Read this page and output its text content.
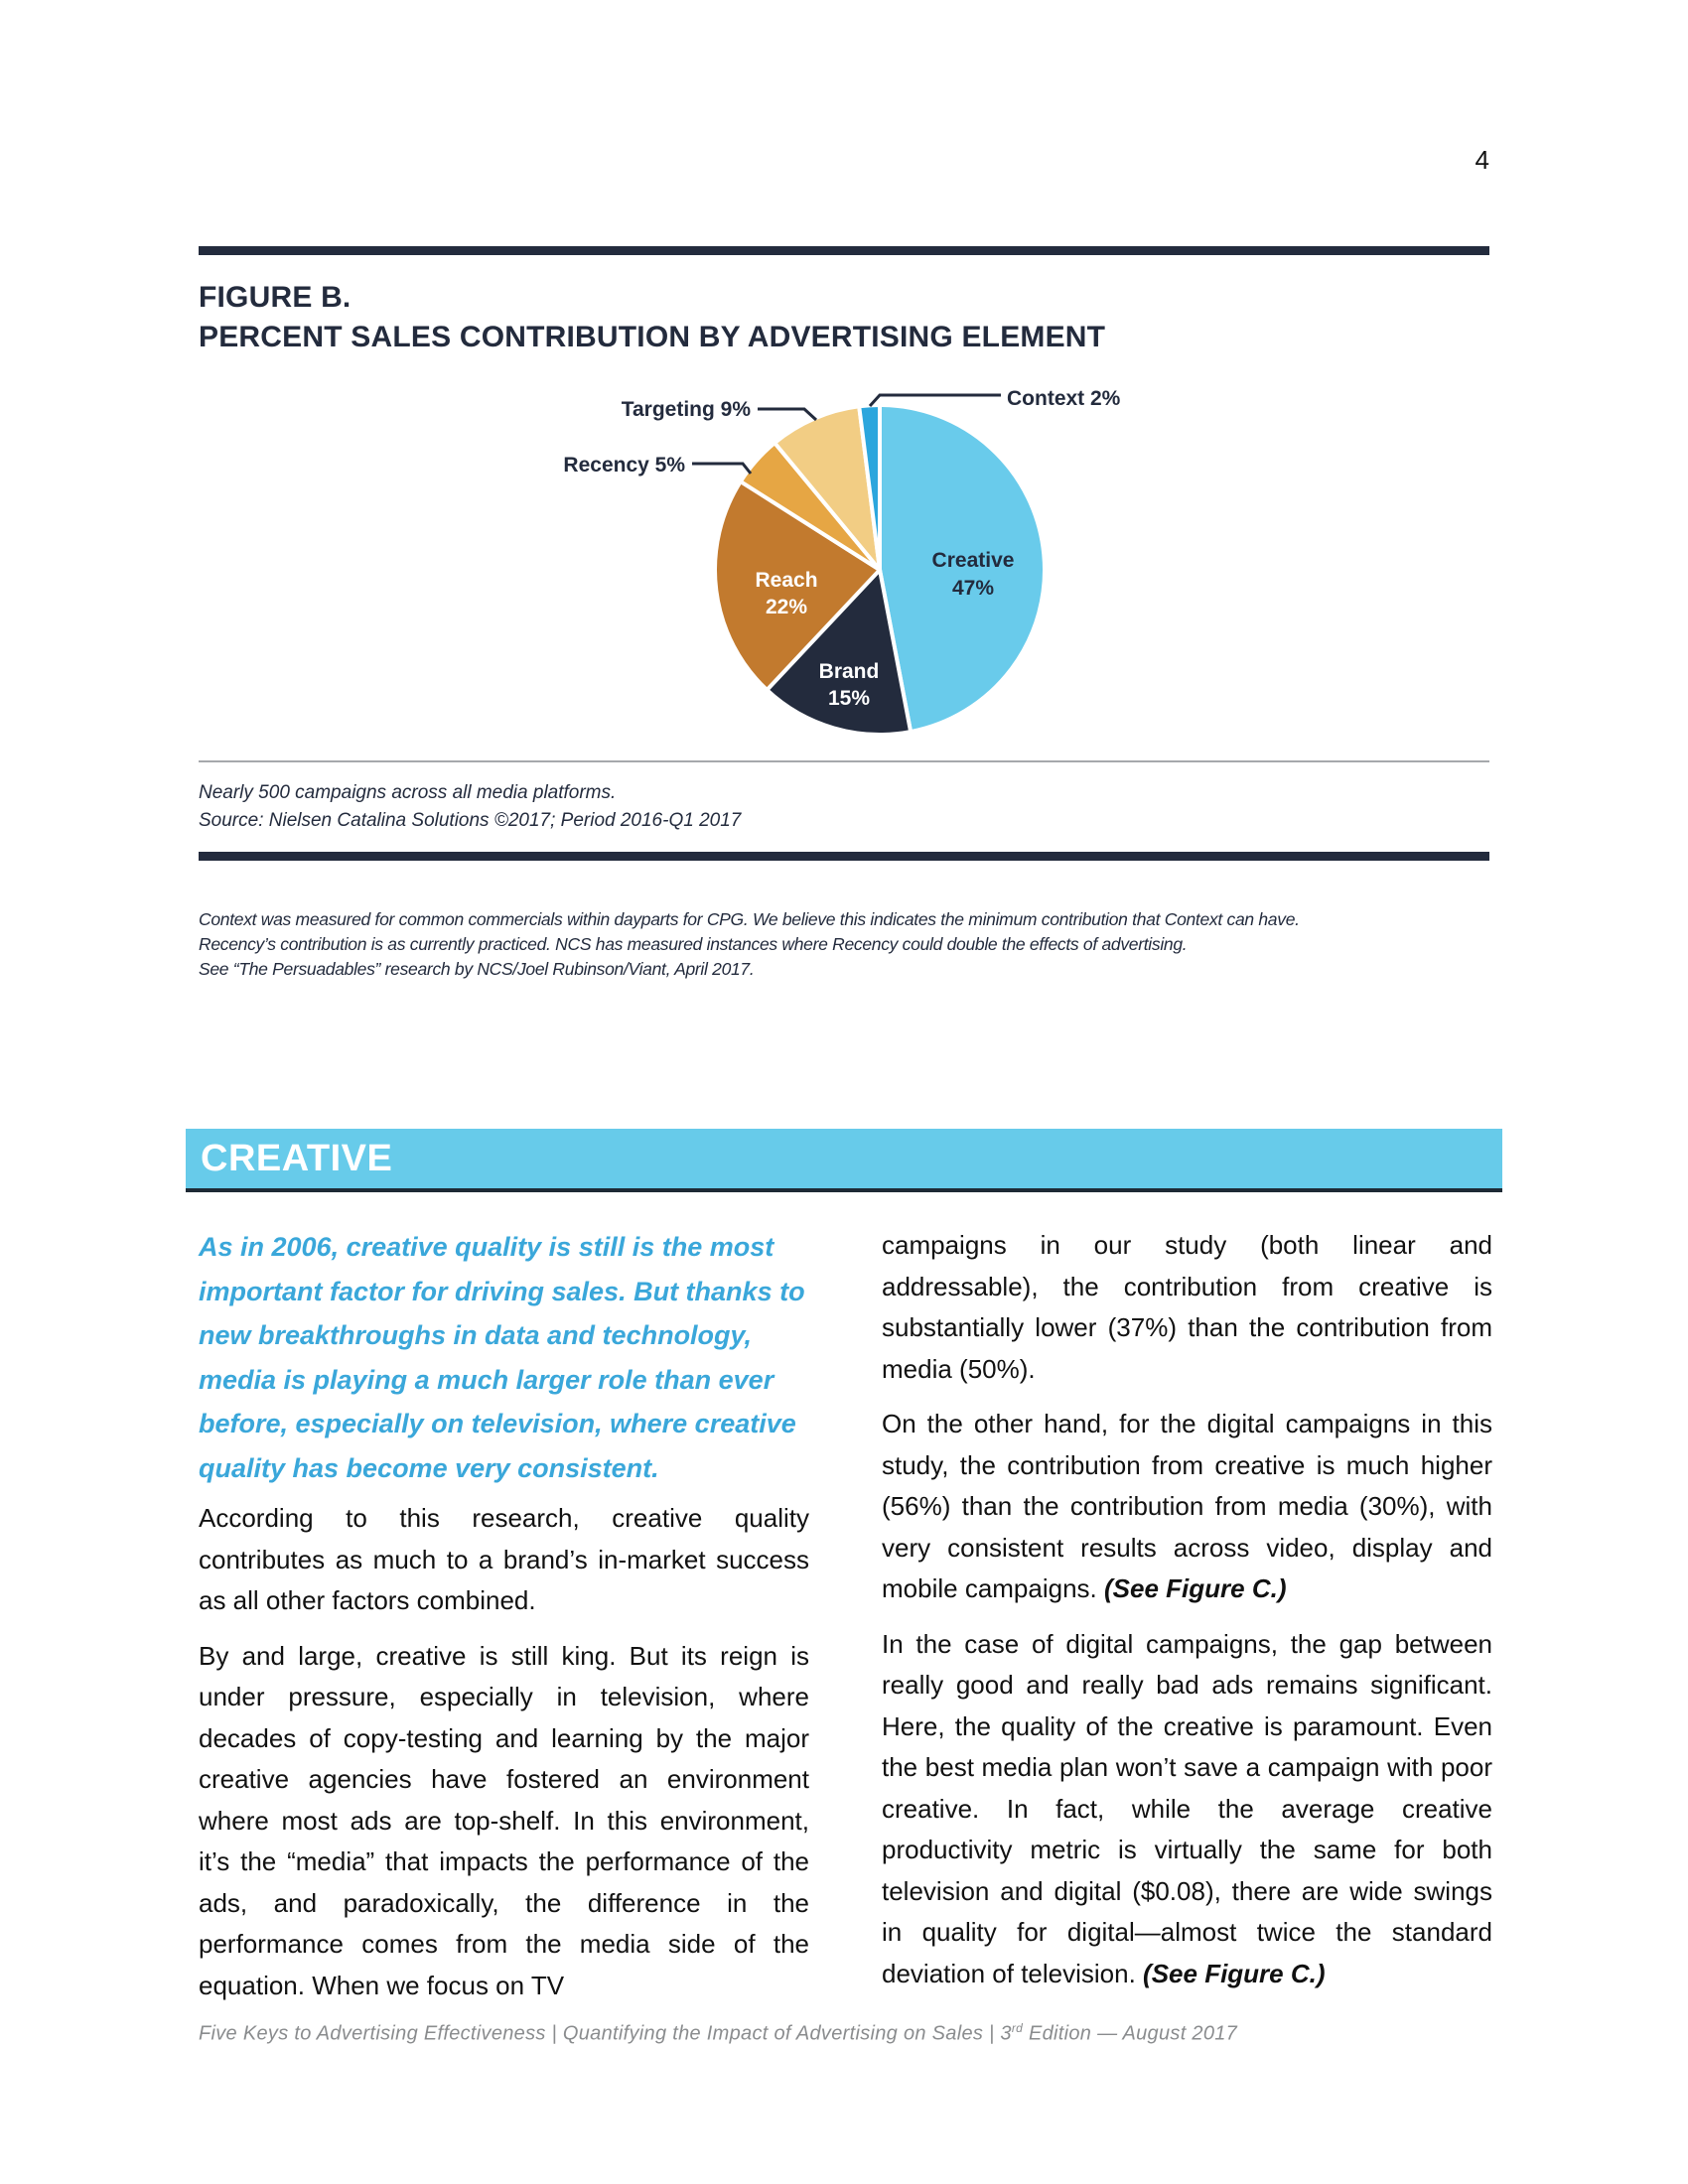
4
FIGURE B.
PERCENT SALES CONTRIBUTION BY ADVERTISING ELEMENT
Targeting 9%
Recency 5%
Context 2%
Creative
47%
Reach
22%
Brand
15%
Nearly 500 campaigns across all media platforms.
Source: Nielsen Catalina Solutions ©2017; Period 2016-Q1 2017
Context was measured for common commercials within dayparts for CPG. We believe this indicates the minimum contribution that Context can have.
Recency’s contribution is as currently practiced. NCS has measured instances where Recency could double the effects of advertising.
See “The Persuadables” research by NCS/Joel Rubinson/Viant, April 2017.
CREATIVE

As in 2006, creative quality is still is the most important factor for driving sales. But thanks to new breakthroughs in data and technology, media is playing a much larger role than ever before, especially on television, where creative quality has become very consistent.

According to this research, creative quality contributes as much to a brand’s in-market success as all other factors combined.

By and large, creative is still king. But its reign is under pressure, especially in television, where decades of copy-testing and learning by the major creative agencies have fostered an environment where most ads are top-shelf. In this environment, it’s the “media” that impacts the performance of the ads, and paradoxically, the difference in the performance comes from the media side of the equation. When we focus on TV

campaigns in our study (both linear and addressable), the contribution from creative is substantially lower (37%) than the contribution from media (50%).

On the other hand, for the digital campaigns in this study, the contribution from creative is much higher (56%) than the contribution from media (30%), with very consistent results across video, display and mobile campaigns. (See Figure C.)

In the case of digital campaigns, the gap between really good and really bad ads remains significant. Here, the quality of the creative is paramount. Even the best media plan won’t save a campaign with poor creative. In fact, while the average creative productivity metric is virtually the same for both television and digital ($0.08), there are wide swings in quality for digital—almost twice the standard deviation of television. (See Figure C.)

Five Keys to Advertising Effectiveness | Quantifying the Impact of Advertising on Sales | 3rd Edition — August 2017
